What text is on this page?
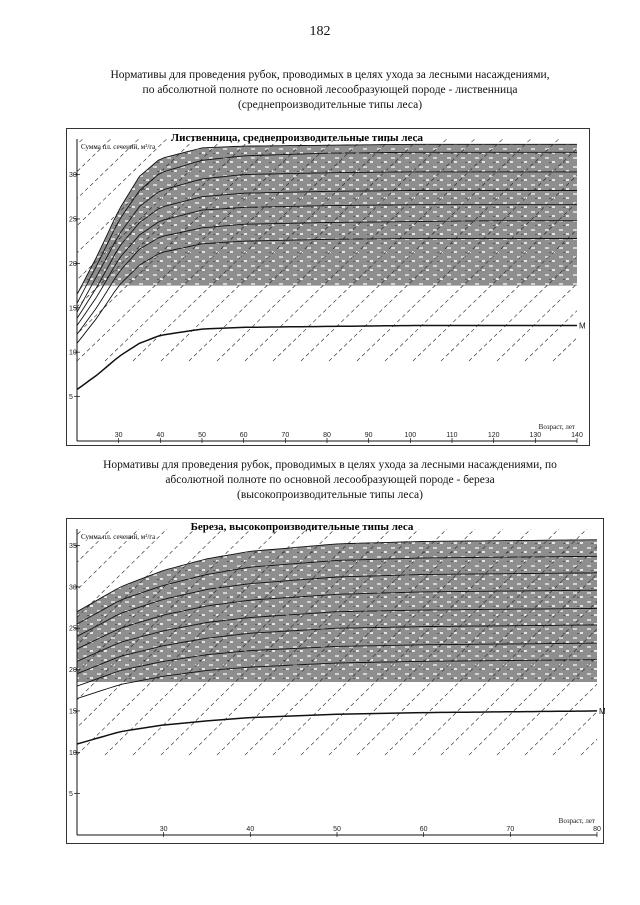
182
Нормативы для проведения рубок, проводимых в целях ухода за лесными насаждениями,
по абсолютной полноте по основной лесообразующей породе - лиственница
(среднепроизводительные типы леса)
5
10
15
20
25
30
30	40	50	60	70	80	90	100	110	120	130	140
Лиственница, среднепроизводительные типы леса
Сумма пл. сечений, м²/га
Возраст, лет
М
Нормативы для проведения рубок, проводимых в целях ухода за лесными насаждениями, по
абсолютной полноте по основной лесообразующей породе - береза
(высокопроизводительные типы леса)
5
10
15
20
25
30
35
30	40	50	60	70	80
Береза, высокопроизводительные типы леса
Сумма пл. сечений, м²/га
Возраст, лет
М
